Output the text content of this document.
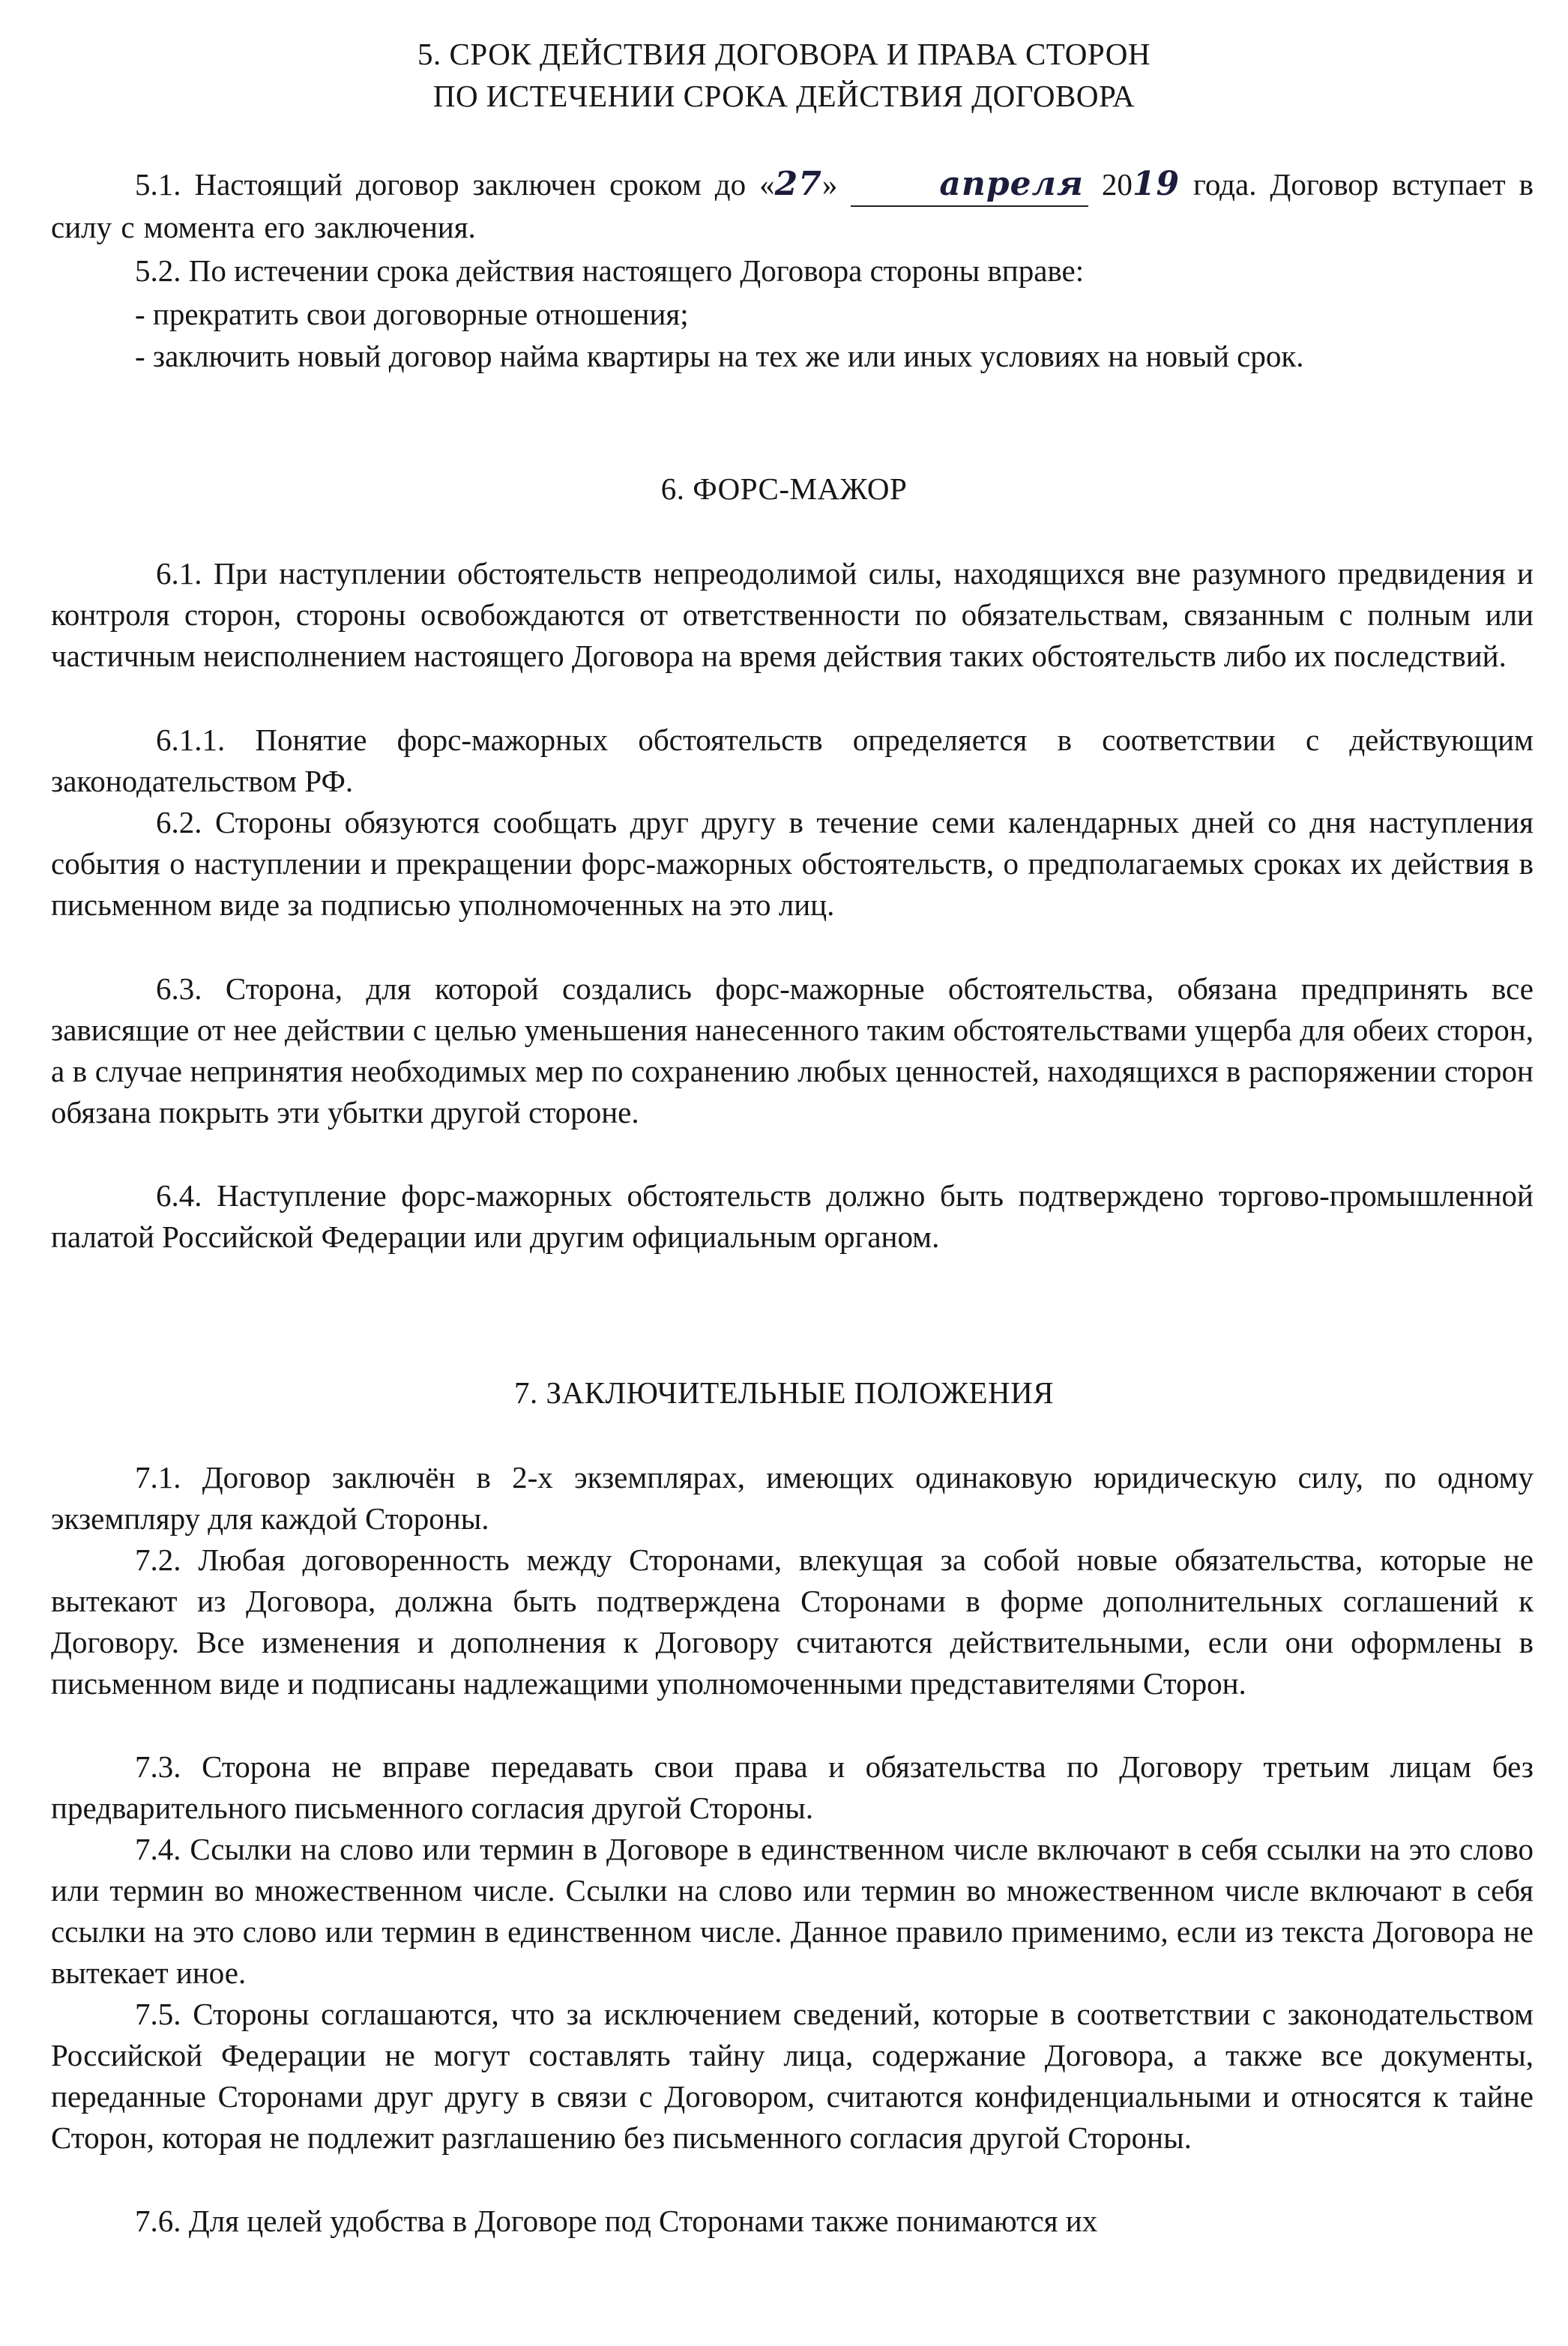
5. СРОК ДЕЙСТВИЯ ДОГОВОРА И ПРАВА СТОРОН
ПО ИСТЕЧЕНИИ СРОКА ДЕЙСТВИЯ ДОГОВОРА
5.1. Настоящий договор заключен сроком до «27»	апреля 2019 года. Договор вступает в силу с момента его заключения.
5.2. По истечении срока действия настоящего Договора стороны вправе:
- прекратить свои договорные отношения;
- заключить новый договор найма квартиры на тех же или иных условиях на новый срок.
6. ФОРС-МАЖОР
6.1. При наступлении обстоятельств непреодолимой силы, находящихся вне разумного предвидения и контроля сторон, стороны освобождаются от ответственности по обязательствам, связанным с полным или частичным неисполнением настоящего Договора на время действия таких обстоятельств либо их последствий.
6.1.1. Понятие форс-мажорных обстоятельств определяется в соответствии с действующим законодательством РФ.
6.2. Стороны обязуются сообщать друг другу в течение семи календарных дней со дня наступления события о наступлении и прекращении форс-мажорных обстоятельств, о предполагаемых сроках их действия в письменном виде за подписью уполномоченных на это лиц.
6.3. Сторона, для которой создались форс-мажорные обстоятельства, обязана предпринять все зависящие от нее действии с целью уменьшения нанесенного таким обстоятельствами ущерба для обеих сторон, а в случае непринятия необходимых мер по сохранению любых ценностей, находящихся в распоряжении сторон обязана покрыть эти убытки другой стороне.
6.4. Наступление форс-мажорных обстоятельств должно быть подтверждено торгово-промышленной палатой Российской Федерации или другим официальным органом.
7. ЗАКЛЮЧИТЕЛЬНЫЕ ПОЛОЖЕНИЯ
7.1. Договор заключён в 2-х экземплярах, имеющих одинаковую юридическую силу, по одному экземпляру для каждой Стороны.
7.2. Любая договоренность между Сторонами, влекущая за собой новые обязательства, которые не вытекают из Договора, должна быть подтверждена Сторонами в форме дополнительных соглашений к Договору. Все изменения и дополнения к Договору считаются действительными, если они оформлены в письменном виде и подписаны надлежащими уполномоченными представителями Сторон.
7.3. Сторона не вправе передавать свои права и обязательства по Договору третьим лицам без предварительного письменного согласия другой Стороны.
7.4. Ссылки на слово или термин в Договоре в единственном числе включают в себя ссылки на это слово или термин во множественном числе. Ссылки на слово или термин во множественном числе включают в себя ссылки на это слово или термин в единственном числе. Данное правило применимо, если из текста Договора не вытекает иное.
7.5. Стороны соглашаются, что за исключением сведений, которые в соответствии с законодательством Российской Федерации не могут составлять тайну лица, содержание Договора, а также все документы, переданные Сторонами друг другу в связи с Договором, считаются конфиденциальными и относятся к тайне Сторон, которая не подлежит разглашению без письменного согласия другой Стороны.
7.6. Для целей удобства в Договоре под Сторонами также понимаются их
